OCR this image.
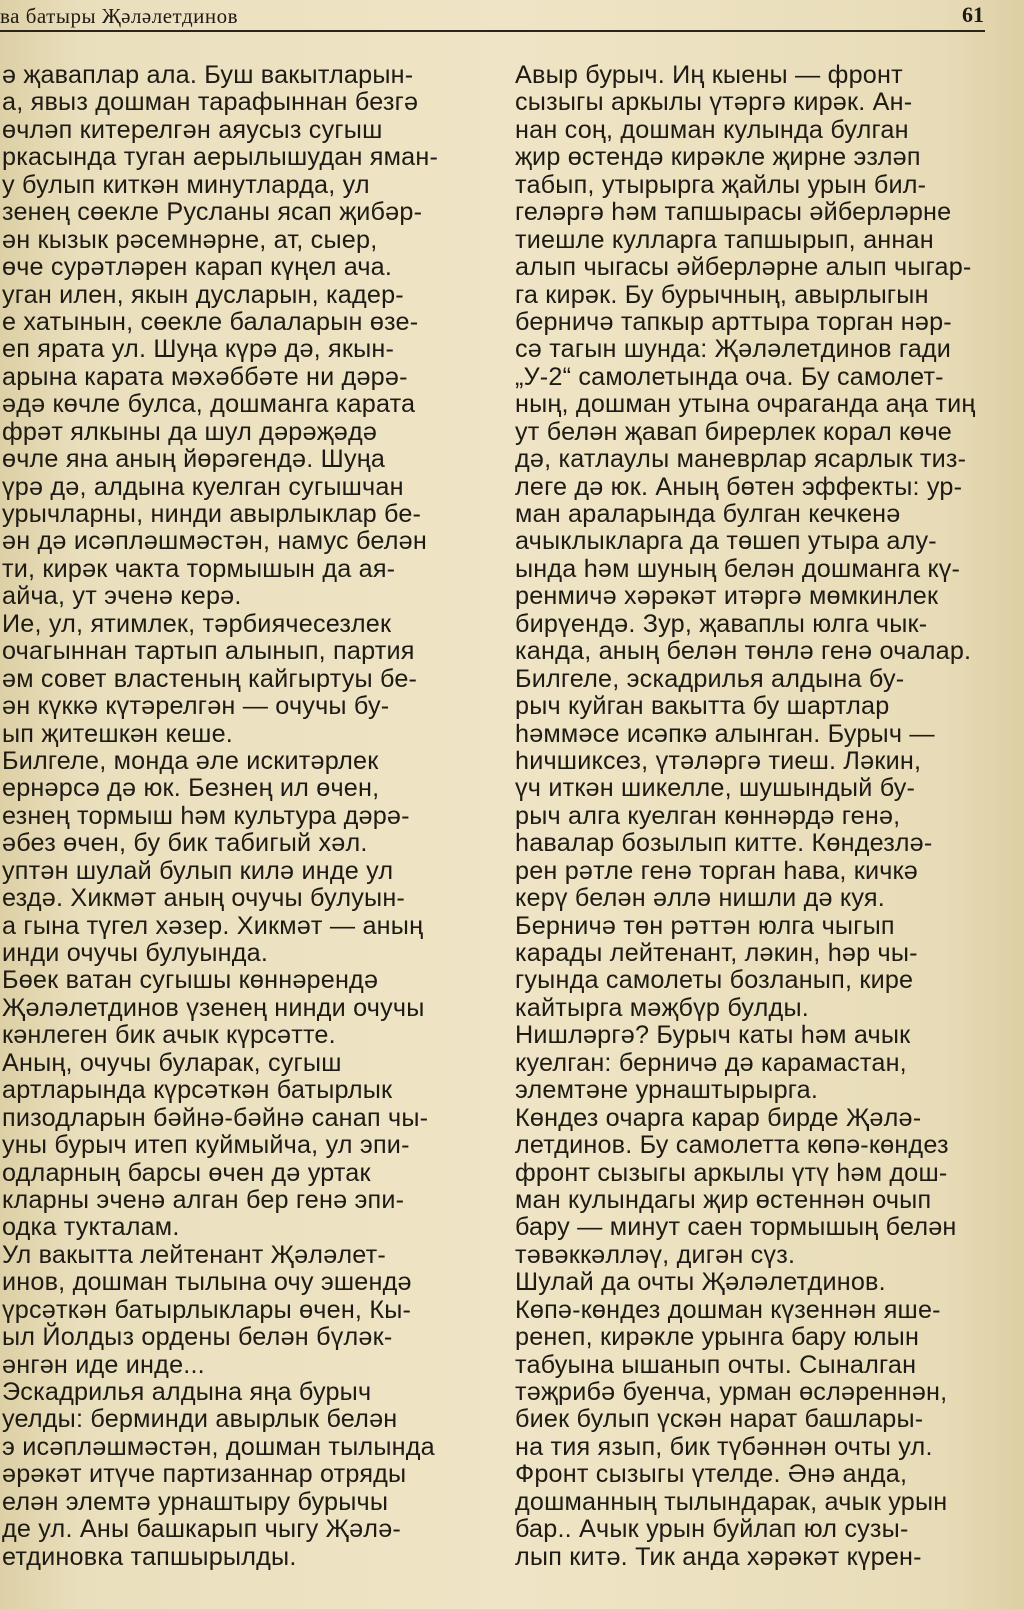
ва батыры Җәләлетдинов	61
ә җаваплар ала. Буш вакытларын-
а, явыз дошман тарафыннан безгә
өчләп китерелгән аяусыз сугыш
ркасында туган аерылышудан яман-
у булып киткән минутларда, ул
зенең сөекле Русланы ясап җибәр-
ән кызык рәсемнәрне, ат, сыер,
өче сурәтләрен карап күңел ача.
уган илен, якын дусларын, кадер-
е хатынын, сөекле балаларын өзе-
еп ярата ул. Шуңа күрә дә, якын-
арына карата мәхәббәте ни дәрә-
әдә көчле булса, дошманга карата
фрәт ялкыны да шул дәрәҗәдә
өчле яна аның йөрәгендә. Шуңа
үрә дә, алдына куелган сугышчан
урычларны, нинди авырлыклар бе-
ән дә исәпләшмәстән, намус белән
ти, кирәк чакта тормышын да ая-
айча, ут эченә керә.
Ие, ул, ятимлек, тәрбиячесезлек
очагыннан тартып алынып, партия
әм совет властеның кайгыртуы бе-
ән күккә күтәрелгән — очучы бу-
ып җитешкән кеше.
Билгеле, монда әле искитәрлек
ернәрсә дә юк. Безнең ил өчен,
езнең тормыш һәм культура дәрә-
әбез өчен, бу бик табигый хәл.
уптән шулай булып килә инде ул
ездә. Хикмәт аның очучы булуын-
а гына түгел хәзер. Хикмәт — аның
инди очучы булуында.
Бөек ватан сугышы көннәрендә
Җәләлетдинов үзенең нинди очучы
кәнлеген бик ачык күрсәтте.
Аның, очучы буларак, сугыш
артларында күрсәткән батырлык
пизодларын бәйнә-бәйнә санап чы-
уны бурыч итеп куймыйча, ул эпи-
одларның барсы өчен дә уртак
кларны эченә алган бер генә эпи-
одка тукталам.
Ул вакытта лейтенант Җәләлет-
инов, дошман тылына очу эшендә
үрсәткән батырлыклары өчен, Кы-
ыл Йолдыз ордены белән бүләк-
әнгән иде инде...
Эскадрилья алдына яңа бурыч
уелды: берминди авырлык белән
э исәпләшмәстән, дошман тылында
әрәкәт итүче партизаннар отряды
елән элемтә урнаштыру бурычы
де ул. Аны башкарып чыгу Җәлә-
етдиновка тапшырылды.
Авыр бурыч. Иң кыены — фронт
сызыгы аркылы үтәргә кирәк. Ан-
нан соң, дошман кулында булган
җир өстендә кирәкле җирне эзләп
табып, утырырга җайлы урын бил-
геләргә һәм тапшырасы әйберләрне
тиешле кулларга тапшырып, аннан
алып чыгасы әйберләрне алып чыгар-
га кирәк. Бу бурычның, авырлыгын
берничә тапкыр арттыра торган нәр-
сә тагын шунда: Җәләлетдинов гади
„У-2“ самолетында оча. Бу самолет-
ның, дошман утына очраганда аңа тиң
ут белән җавап бирерлек корал көче
дә, катлаулы маневрлар ясарлык тиз-
леге дә юк. Аның бөтен эффекты: ур-
ман араларында булган кечкенә
ачыклыкларга да төшеп утыра алу-
ында һәм шуның белән дошманга кү-
ренмичә хәрәкәт итәргә мөмкинлек
бирүендә. Зур, җаваплы юлга чык-
канда, аның белән төнлә генә очалар.
Билгеле, эскадрилья алдына бу-
рыч куйган вакытта бу шартлар
һәммәсе исәпкә алынган. Бурыч —
һичшиксез, үтәләргә тиеш. Ләкин,
үч иткән шикелле, шушындый бу-
рыч алга куелган көннәрдә генә,
һавалар бозылып китте. Көндезлә-
рен рәтле генә торган һава, кичкә
керү белән әллә нишли дә куя.
Берничә төн рәттән юлга чыгып
карады лейтенант, ләкин, һәр чы-
гуында самолеты бозланып, кире
кайтырга мәҗбүр булды.
Нишләргә? Бурыч каты һәм ачык
куелган: берничә дә карамастан,
элемтәне урнаштырырга.
Көндез очарга карар бирде Җәлә-
летдинов. Бу самолетта көпә-көндез
фронт сызыгы аркылы үтү һәм дош-
ман кулындагы җир өстеннән очып
бару — минут саен тормышың белән
тәвәккәлләү, дигән сүз.
Шулай да очты Җәләлетдинов.
Көпә-көндез дошман күзеннән яше-
ренеп, кирәкле урынга бару юлын
табуына ышанып очты. Сыналган
тәҗрибә буенча, урман өсләреннән,
биек булып үскән нарат башлары-
на тия язып, бик түбәннән очты ул.
Фронт сызыгы үтелде. Әнә анда,
дошманның тылындарак, ачык урын
бар.. Ачык урын буйлап юл сузы-
лып китә. Тик анда хәрәкәт күрен-
